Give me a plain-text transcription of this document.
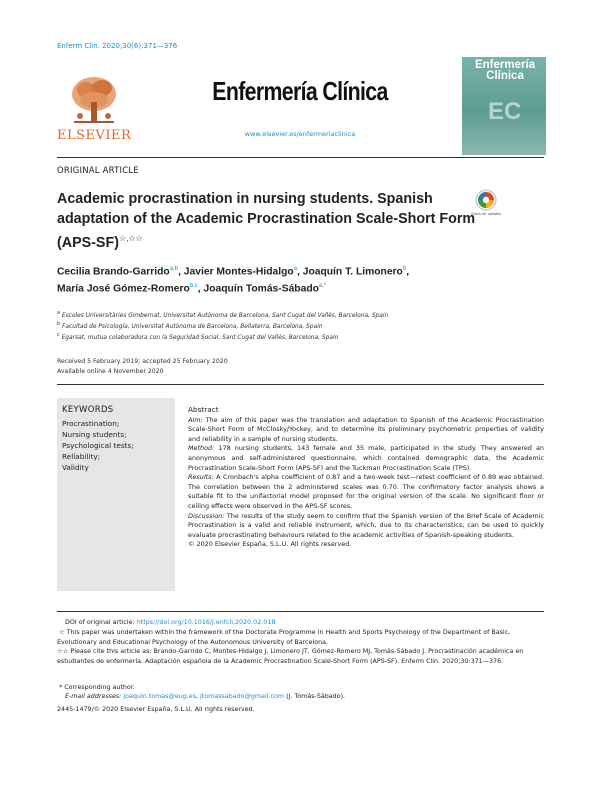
Enferm Clin. 2020;30(6):371—376
ELSEVIER
Enfermería Clínica
www.elsevier.es/enfermeriaclinica
Enfermería
Clínica
EC
ORIGINAL ARTICLE
Academic procrastination in nursing students. Spanish adaptation of the Academic Procrastination Scale-Short Form (APS-SF)☆,☆☆
Check for updates
Cecilia Brando-Garrido$^{a,b}$, Javier Montes-Hidalgo$^a$, Joaquín T. Limonero$^b$,
María José Gómez-Romero$^{b,c}$, Joaquín Tomás-Sábado$^{a,*}$
$^a$ Escoles Universitàries Gimbernat, Universitat Autònoma de Barcelona, Sant Cugat del Vallès, Barcelona, Spain
$^b$ Facultad de Psicología, Universitat Autònoma de Barcelona, Bellaterra, Barcelona, Spain
$^c$ Egarsat, mutua colaboradora con la Seguridad Social, Sant Cugat del Vallès, Barcelona, Spain
Received 5 February 2019; accepted 25 February 2020
Available online 4 November 2020
KEYWORDS
Procrastination;
Nursing students;
Psychological tests;
Reliability;
Validity
Abstract
Aim: The aim of this paper was the translation and adaptation to Spanish of the Academic Procrastination Scale-Short Form of McClosky/Yockey, and to determine its preliminary psychometric properties of validity and reliability in a sample of nursing students.
Method: 178 nursing students, 143 female and 35 male, participated in the study. They answered an anonymous and self-administered questionnaire, which contained demographic data, the Academic Procrastination Scale-Short Form (APS-SF) and the Tuckman Procrastination Scale (TPS).
Results: A Cronbach's alpha coefficient of 0.87 and a two-week test—retest coefficient of 0.89 was obtained. The correlation between the 2 administered scales was 0.70. The confirmatory factor analysis shows a suitable fit to the unifactorial model proposed for the original version of the scale. No significant floor or ceiling effects were observed in the APS-SF scores.
Discussion: The results of the study seem to confirm that the Spanish version of the Brief Scale of Academic Procrastination is a valid and reliable instrument, which, due to its characteristics, can be used to quickly evaluate procrastinating behaviours related to the academic activities of Spanish-speaking students.
© 2020 Elsevier España, S.L.U. All rights reserved.
DOI of original article: https://doi.org/10.1016/j.enfcli.2020.02.018
☆ This paper was undertaken within the framework of the Doctorate Programme in Health and Sports Psychology of the Department of Basic, Evolutionary and Educational Psychology of the Autonomous University of Barcelona.
☆☆ Please cite this article as: Brando-Garrido C, Montes-Hidalgo J, Limonero JT, Gómez-Romero MJ, Tomás-Sábado J. Procrastinación académica en estudiantes de enfermería. Adaptación española de la Academic Procrastination Scale-Short Form (APS-SF). Enferm Clin. 2020;30:371—376.
* Corresponding author.
E-mail addresses: joaquin.tomas@eug.es, jtomassabado@gmail.com (J. Tomás-Sábado).
2445-1479/© 2020 Elsevier España, S.L.U. All rights reserved.
